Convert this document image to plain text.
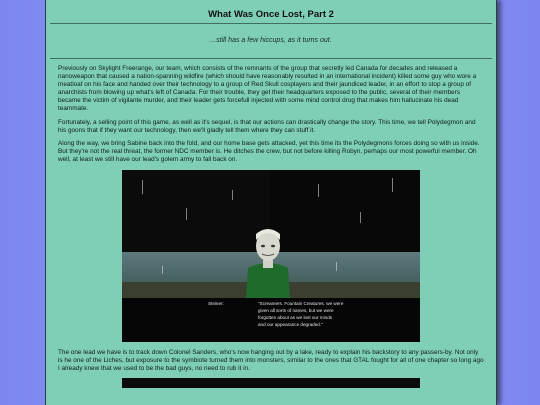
What Was Once Lost, Part 2
...still has a few hiccups, as it turns out.

Previously on Skylight Freerange, our team, which consists of the remnants of the group that secretly led Canada for decades and released a nanoweapon that caused a nation-spanning wildfire (which should have reasonably resulted in an international incident) killed some guy who wore a meatloaf on his face and handed over their technology to a group of Red Skull cosplayers and their jaundiced leader, in an effort to stop a group of anarchists from blowing up what's left of Canada. For their trouble, they get their headquarters exposed to the public, several of their members became the victim of vigilante murder, and their leader gets forcefull injected with some mind control drug that makes him hallucinate his dead teammate.

Fortunately, a selling point of this game, as well as it's sequel, is that our actions can drastically change the story. This time, we tell Polydegmon and his goons that if they want our technology, then we'll gladly tell them where they can stuff it.

Along the way, we bring Sabine back into the fold, and our home base gets attacked, yet this time its the Polydegmons forces doing so with us inside. But they're not the real threat, the former NDC member is. He ditches the crew, but not before killing Robyn, perhaps our most powerful member. Oh well, at least we still have our lead's golem army to fall back on.

Steiner:	"Screamers. Fountain Creatures. we were
given all sorts of names, but we were
forgotten about as we lost our minds
and our appearance degraded."

The one lead we have is to track down Colonel Sanders, who's now hanging out by a lake, ready to explain his backstory to any passers-by. Not only is he one of the Liches, but exposure to the symbiote turned them into monsters, similar to the ones that GTAL fought for all of one chapter so long ago I already knew that we used to be the bad guys, no need to rub it in.
